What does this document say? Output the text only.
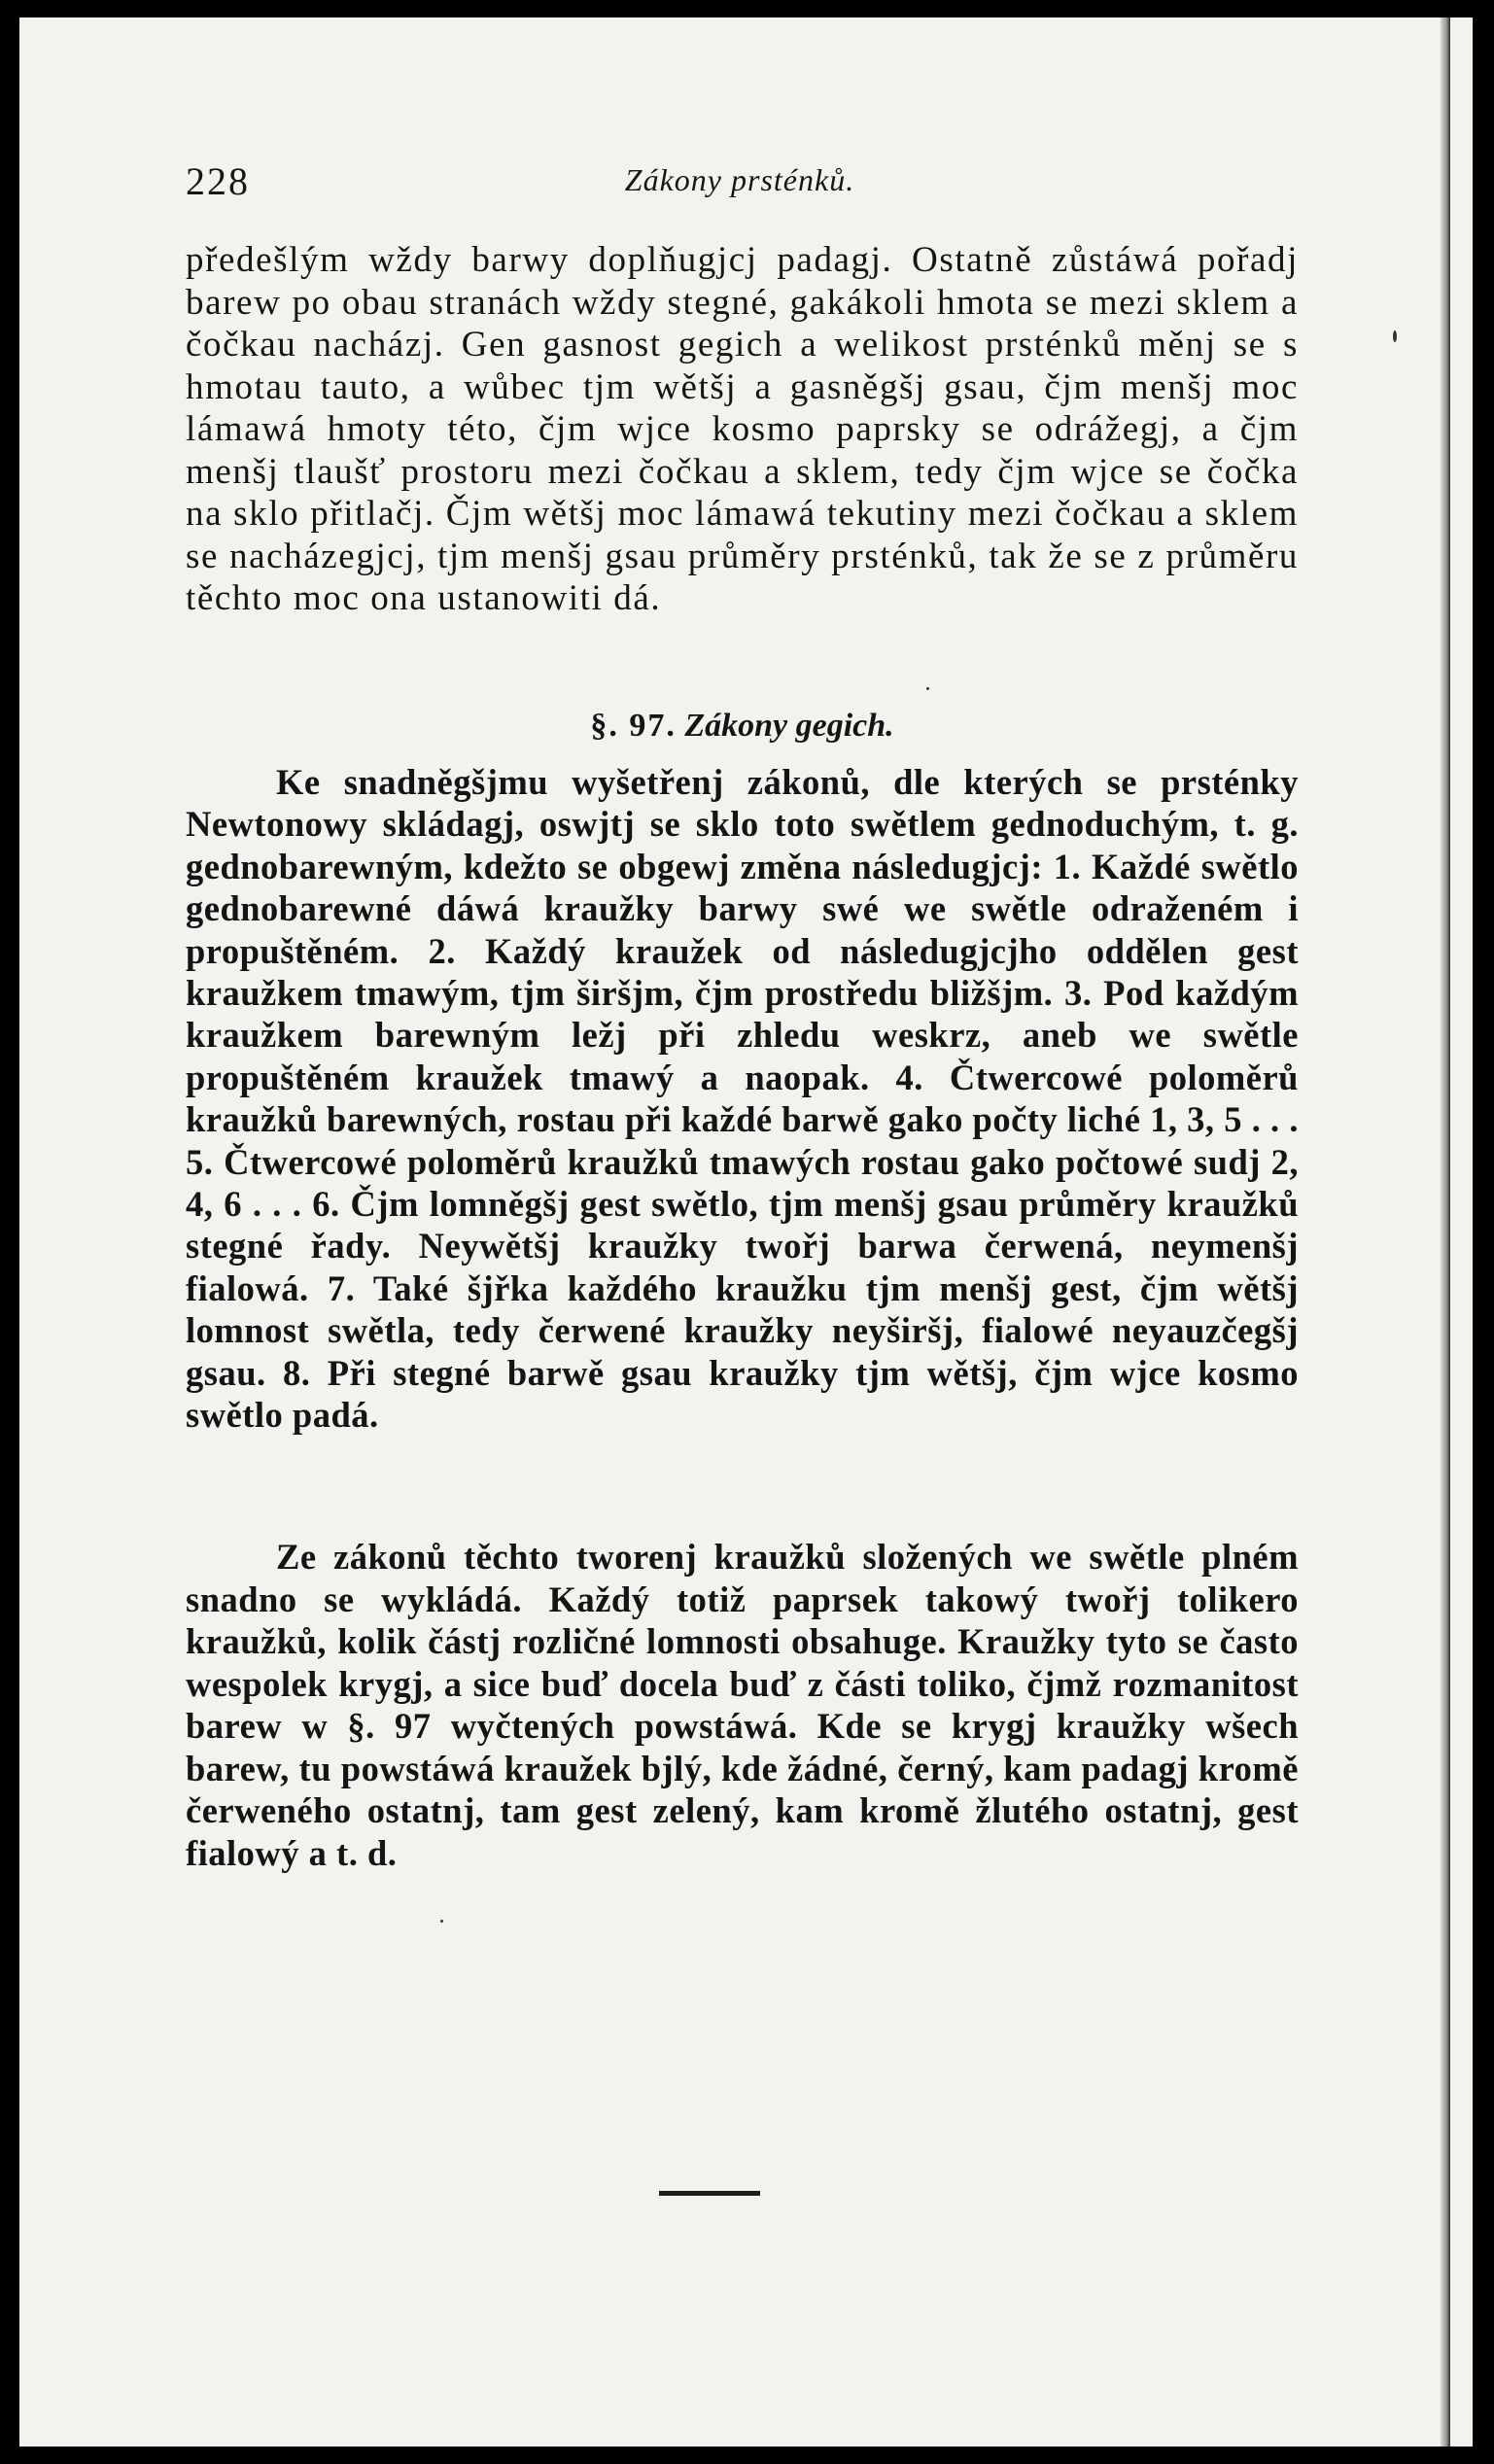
228	Zákony prsténků.

předešlým wždy barwy doplňugjcj padagj. Ostatně zůstáwá pořadj barew po obau stranách wždy stegné, gakákoli hmota se mezi sklem a čočkau nacházj. Gen gasnost gegich a welikost prsténků měnj se s hmotau tauto, a wůbec tjm wětšj a gasněgšj gsau, čjm menšj moc lámawá hmoty této, čjm wjce kosmo paprsky se odrážegj, a čjm menšj tlaušť prostoru mezi čočkau a sklem, tedy čjm wjce se čočka na sklo přitlačj. Čjm wětšj moc lámawá tekutiny mezi čočkau a sklem se nacházegjcj, tjm menšj gsau průměry prsténků, tak že se z průměru těchto moc ona ustanowiti dá.

§. 97. Zákony gegich.

Ke snadněgšjmu wyšetřenj zákonů, dle kterých se prsténky Newtonowy skládagj, oswjtj se sklo toto swětlem gednoduchým, t. g. gednobarewným, kdežto se obgewj změna následugjcj: 1. Každé swětlo gednobarewné dáwá kraužky barwy swé we swětle odraženém i propuštěném. 2. Každý kraužek od následugjcjho oddělen gest kraužkem tmawým, tjm širšjm, čjm prostředu bližšjm. 3. Pod každým kraužkem barewným ležj při zhledu weskrz, aneb we swětle propuštěném kraužek tmawý a naopak. 4. Čtwercowé poloměrů kraužků barewných, rostau při každé barwě gako počty liché 1, 3, 5 . . . 5. Čtwercowé poloměrů kraužků tmawých rostau gako počtowé sudj 2, 4, 6 . . . 6. Čjm lomněgšj gest swětlo, tjm menšj gsau průměry kraužků stegné řady. Neywětšj kraužky twořj barwa čerwená, neymenšj fialowá. 7. Také šjřka každého kraužku tjm menšj gest, čjm wětšj lomnost swětla, tedy čerwené kraužky neyširšj, fialowé neyauzčegšj gsau. 8. Při stegné barwě gsau kraužky tjm wětšj, čjm wjce kosmo swětlo padá.

Ze zákonů těchto tworenj kraužků složených we swětle plném snadno se wykládá. Každý totiž paprsek takowý twořj tolikero kraužků, kolik částj rozličné lomnosti obsahuge. Kraužky tyto se často wespolek krygj, a sice buď docela buď z části toliko, čjmž rozmanitost barew w §. 97 wyčtených powstáwá. Kde se krygj kraužky wšech barew, tu powstáwá kraužek bjlý, kde žádné, černý, kam padagj kromě čerweného ostatnj, tam gest zelený, kam kromě žlutého ostatnj, gest fialowý a t. d.
